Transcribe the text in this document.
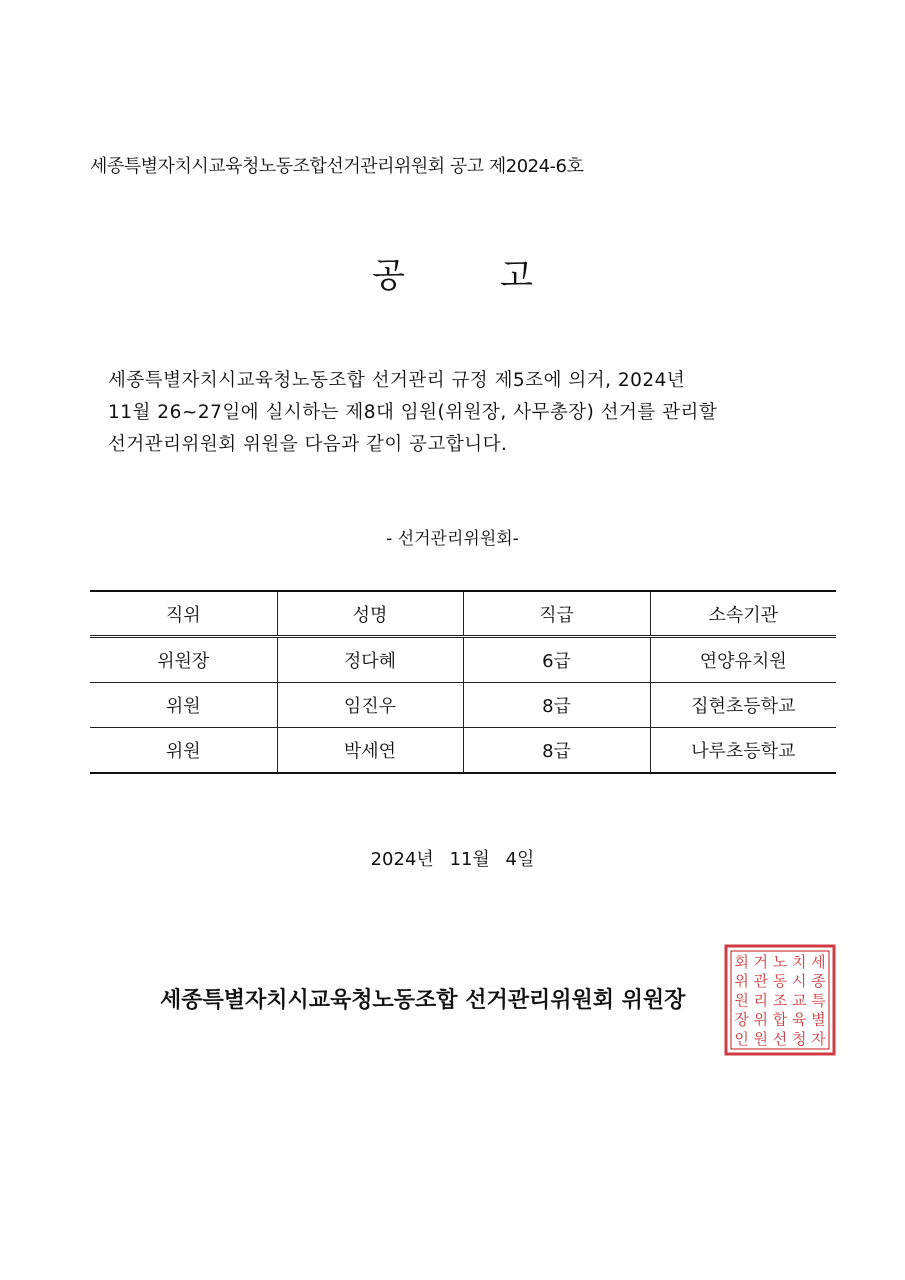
세종특별자치시교육청노동조합선거관리위원회 공고 제2024-6호
공	고
세종특별자치시교육청노동조합 선거관리 규정 제5조에 의거, 2024년
11월 26~27일에 실시하는 제8대 임원(위원장, 사무총장) 선거를 관리할
선거관리위원회 위원을 다음과 같이 공고합니다.
- 선거관리위원회-
직위	성명	직급	소속기관
위원장	정다혜	6급	연양유치원
위원	임진우	8급	집현초등학교
위원	박세연	8급	나루초등학교
2024년 11월 4일
세종특별자치시교육청노동조합 선거관리위원회 위원장
세
종
특
별
자
치
시
교
육
청
노
동
조
합
선
거
관
리
위
원
회
위
원
장
인
